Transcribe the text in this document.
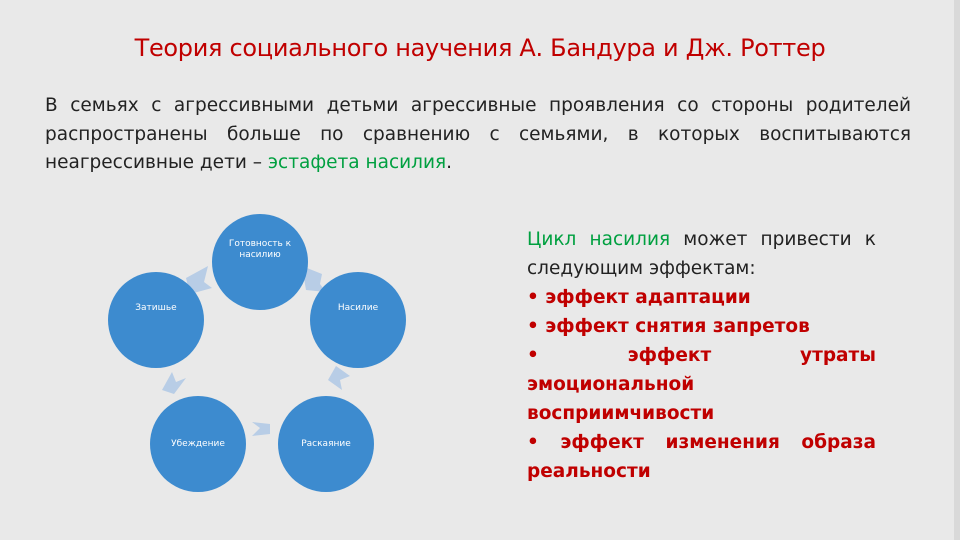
Теория социального научения А. Бандура и Дж. Роттер
В семьях с агрессивными детьми агрессивные проявления со стороны родителей распространены больше по сравнению с семьями, в которых воспитываются неагрессивные дети – эстафета насилия.
Готовность к насилию
Насилие
Раскаяние
Убеждение
Затишье
Цикл насилия может привести к
следующим эффектам:
• эффект адаптации
• эффект снятия запретов
• эффект утраты эмоциональной
восприимчивости
• эффект изменения образа
реальности
